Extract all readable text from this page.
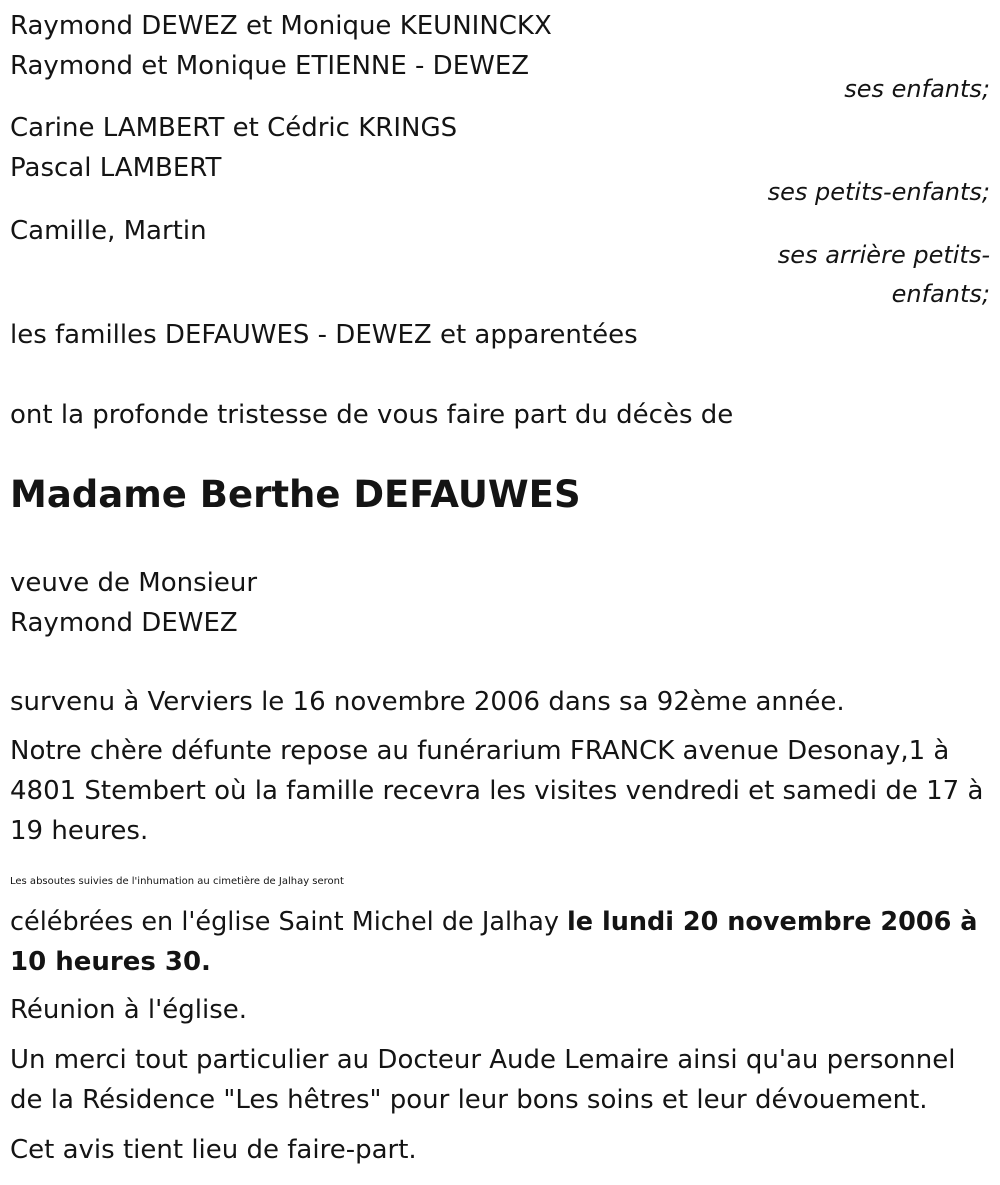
Raymond DEWEZ et Monique KEUNINCKX
Raymond et Monique ETIENNE - DEWEZ
ses enfants;
Carine LAMBERT et Cédric KRINGS
Pascal LAMBERT
ses petits-enfants;
Camille, Martin
ses arrière petits-
enfants;
les familles DEFAUWES - DEWEZ et apparentées
ont la profonde tristesse de vous faire part du décès de
Madame Berthe DEFAUWES
veuve de Monsieur
Raymond DEWEZ
survenu à Verviers le 16 novembre 2006 dans sa 92ème année.
Notre chère défunte repose au funérarium FRANCK avenue Desonay,1 à
4801 Stembert où la famille recevra les visites vendredi et samedi de 17 à
19 heures.
Les absoutes suivies de l'inhumation au cimetière de Jalhay seront
célébrées en l'église Saint Michel de Jalhay le lundi 20 novembre 2006 à
10 heures 30.
Réunion à l'église.
Un merci tout particulier au Docteur Aude Lemaire ainsi qu'au personnel
de la Résidence "Les hêtres" pour leur bons soins et leur dévouement.
Cet avis tient lieu de faire-part.
